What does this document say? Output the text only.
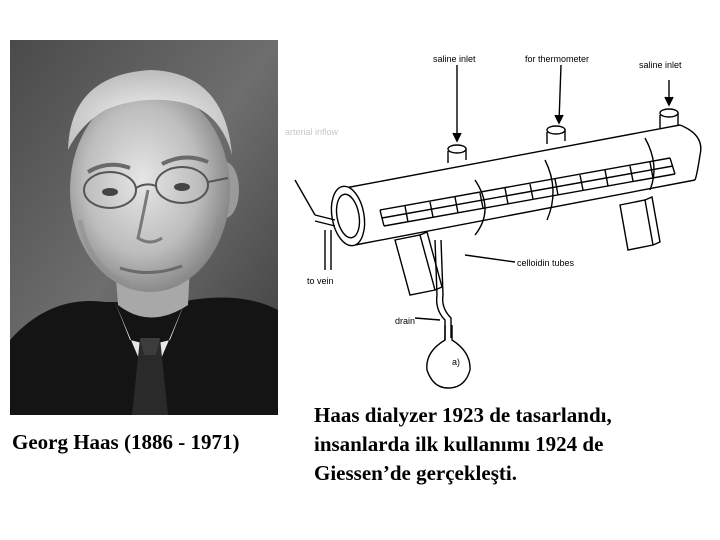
Georg Haas (1886 - 1971)
saline inlet	for thermometer
saline inlet
arterial inflow
to vein
celloidin tubes
drain
a)
Haas dialyzer 1923 de tasarlandı,
insanlarda ilk kullanımı 1924 de
Giessen’de gerçekleşti.
